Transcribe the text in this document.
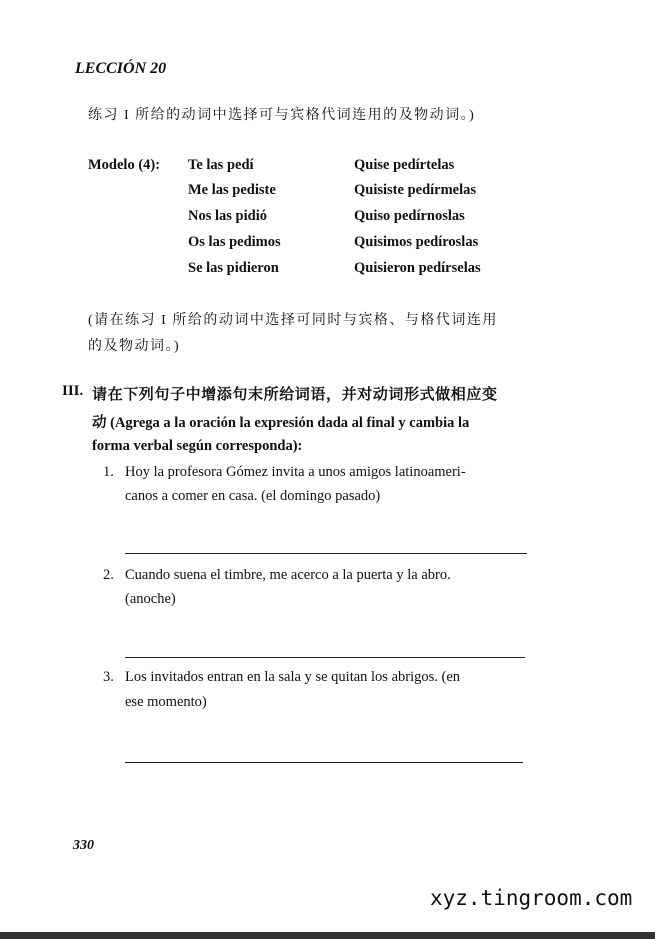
LECCIÓN 20
练习 I 所给的动词中选择可与宾格代词连用的及物动词。)
Modelo (4): Te las pedí	Quise pedírtelas
Me las pediste	Quisiste pedírmelas
Nos las pidió	Quiso pedírnoslas
Os las pedimos	Quisimos pedíroslas
Se las pidieron	Quisieron pedírselas
(请在练习 I 所给的动词中选择可同时与宾格、与格代词连用
的及物动词。)
III. 请在下列句子中增添句末所给词语，并对动词形式做相应变
动 (Agrega a la oración la expresión dada al final y cambia la
forma verbal según corresponda):
1. Hoy la profesora Gómez invita a unos amigos latinoameri-
canos a comer en casa. (el domingo pasado)
2. Cuando suena el timbre, me acerco a la puerta y la abro.
(anoche)
3. Los invitados entran en la sala y se quitan los abrigos. (en
ese momento)
330
xyz.tingroom.com
